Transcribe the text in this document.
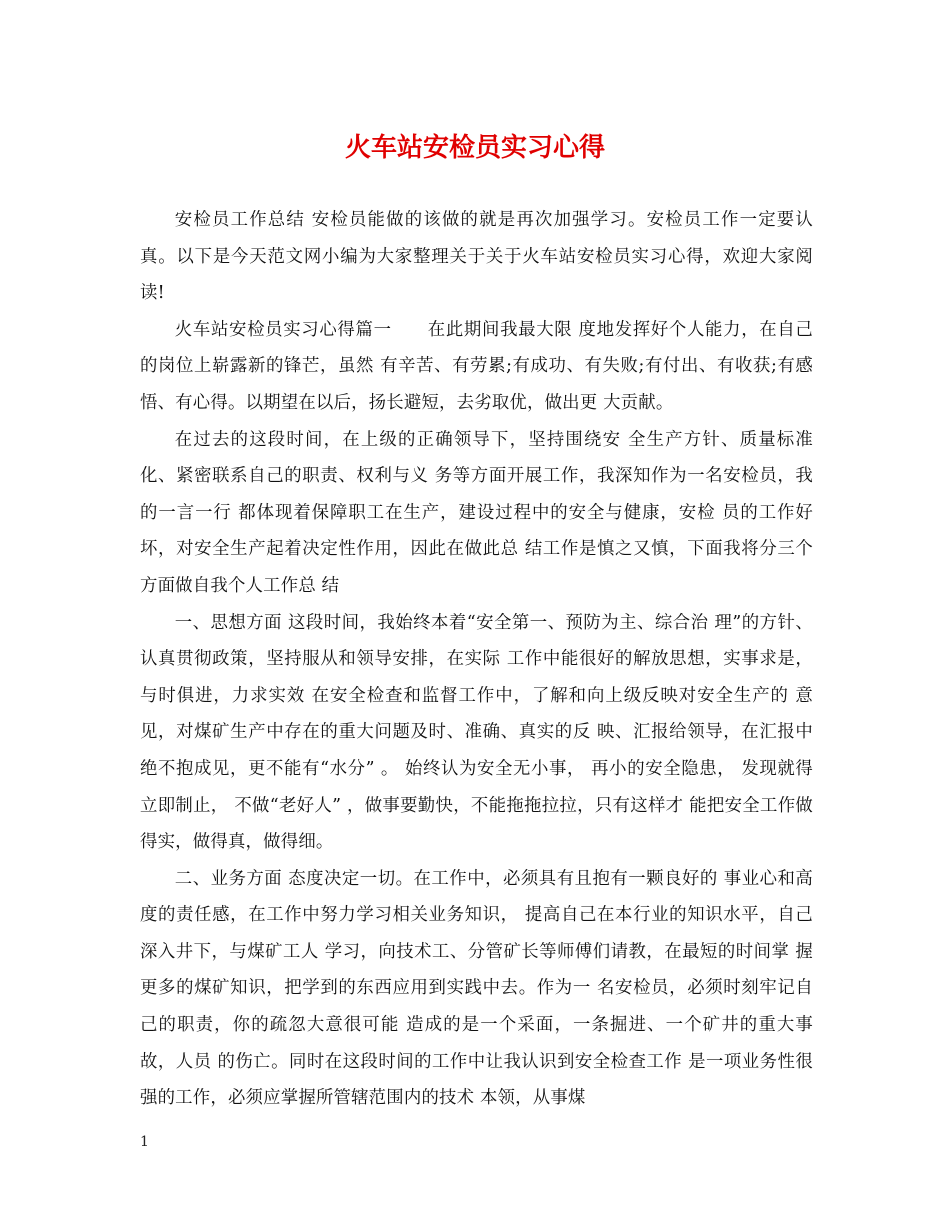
火车站安检员实习心得

安检员工作总结 安检员能做的该做的就是再次加强学习。安检员工作一定要认真。以下是今天范文网小编为大家整理关于关于火车站安检员实习心得，欢迎大家阅读!

火车站安检员实习心得篇一　　在此期间我最大限 度地发挥好个人能力，在自己的岗位上崭露新的锋芒，虽然 有辛苦、有劳累;有成功、有失败;有付出、有收获;有感 悟、有心得。以期望在以后，扬长避短，去劣取优，做出更 大贡献。

在过去的这段时间，在上级的正确领导下，坚持围绕安 全生产方针、质量标准化、紧密联系自己的职责、权利与义 务等方面开展工作，我深知作为一名安检员，我的一言一行 都体现着保障职工在生产，建设过程中的安全与健康，安检 员的工作好坏，对安全生产起着决定性作用，因此在做此总 结工作是慎之又慎，下面我将分三个方面做自我个人工作总 结

一、思想方面 这段时间，我始终本着“安全第一、预防为主、综合治 理”的方针、认真贯彻政策，坚持服从和领导安排，在实际 工作中能很好的解放思想，实事求是，与时俱进，力求实效 在安全检查和监督工作中，了解和向上级反映对安全生产的 意见，对煤矿生产中存在的重大问题及时、准确、真实的反 映、汇报给领导，在汇报中绝不抱成见，更不能有“水分” 。 始终认为安全无小事， 再小的安全隐患， 发现就得立即制止， 不做“老好人” ，做事要勤快，不能拖拖拉拉，只有这样才 能把安全工作做得实，做得真，做得细。

二、业务方面 态度决定一切。在工作中，必须具有且抱有一颗良好的 事业心和高度的责任感，在工作中努力学习相关业务知识， 提高自己在本行业的知识水平，自己深入井下，与煤矿工人 学习，向技术工、分管矿长等师傅们请教，在最短的时间掌 握更多的煤矿知识，把学到的东西应用到实践中去。作为一 名安检员，必须时刻牢记自己的职责，你的疏忽大意很可能 造成的是一个采面，一条掘进、一个矿井的重大事故，人员 的伤亡。同时在这段时间的工作中让我认识到安全检查工作 是一项业务性很强的工作，必须应掌握所管辖范围内的技术 本领，从事煤

1
